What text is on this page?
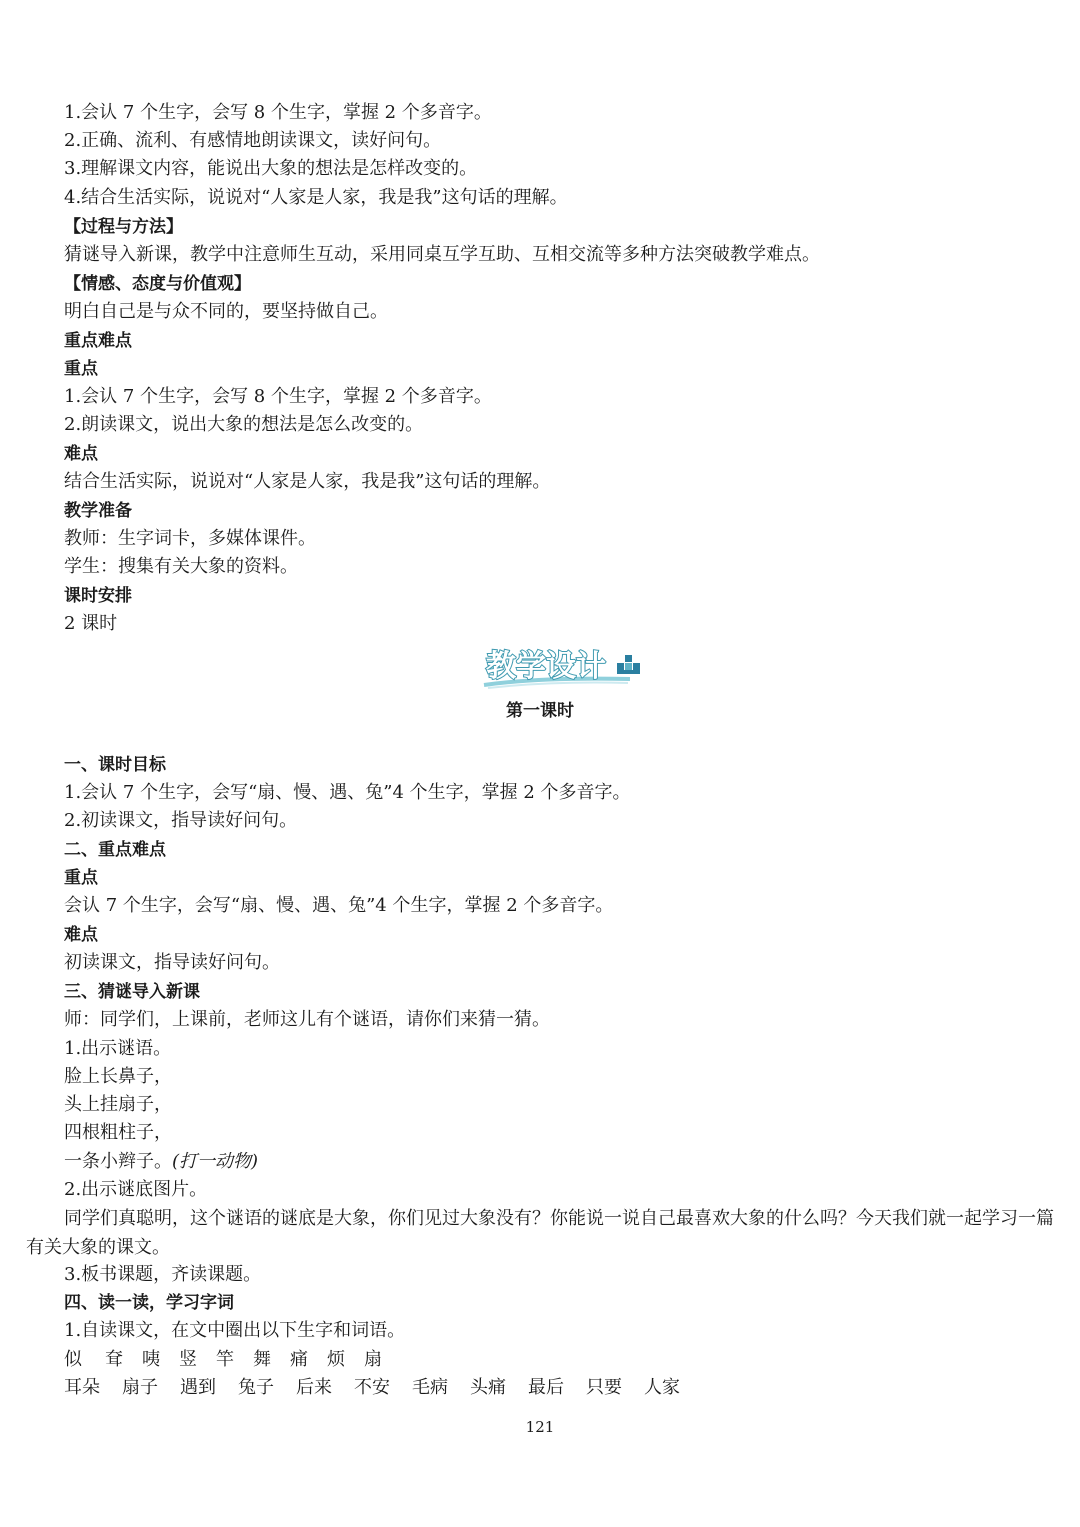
1.会认 7 个生字，会写 8 个生字，掌握 2 个多音字。
2.正确、流利、有感情地朗读课文，读好问句。
3.理解课文内容，能说出大象的想法是怎样改变的。
4.结合生活实际，说说对“人家是人家，我是我”这句话的理解。
【过程与方法】
猜谜导入新课，教学中注意师生互动，采用同桌互学互助、互相交流等多种方法突破教学难点。
【情感、态度与价值观】
明白自己是与众不同的，要坚持做自己。
重点难点
重点
1.会认 7 个生字，会写 8 个生字，掌握 2 个多音字。
2.朗读课文，说出大象的想法是怎么改变的。
难点
结合生活实际，说说对“人家是人家，我是我”这句话的理解。
教学准备
教师：生字词卡，多媒体课件。
学生：搜集有关大象的资料。
课时安排
2 课时
教学设计
第一课时
一、课时目标
1.会认 7 个生字，会写“扇、慢、遇、兔”4 个生字，掌握 2 个多音字。
2.初读课文，指导读好问句。
二、重点难点
重点
会认 7 个生字，会写“扇、慢、遇、兔”4 个生字，掌握 2 个多音字。
难点
初读课文，指导读好问句。
三、猜谜导入新课
师：同学们，上课前，老师这儿有个谜语，请你们来猜一猜。
1.出示谜语。
脸上长鼻子，
头上挂扇子，
四根粗柱子，
一条小辫子。(打一动物)
2.出示谜底图片。
同学们真聪明，这个谜语的谜底是大象，你们见过大象没有？你能说一说自己最喜欢大象的什么吗？今天我们就一起学习一篇有关大象的课文。
3.板书课题，齐读课题。
四、读一读，学习字词
1.自读课文，在文中圈出以下生字和词语。
似	耷	咦	竖	竿	舞	痛	烦	扇
耳朵	扇子	遇到	兔子	后来	不安	毛病	头痛	最后	只要	人家
121
